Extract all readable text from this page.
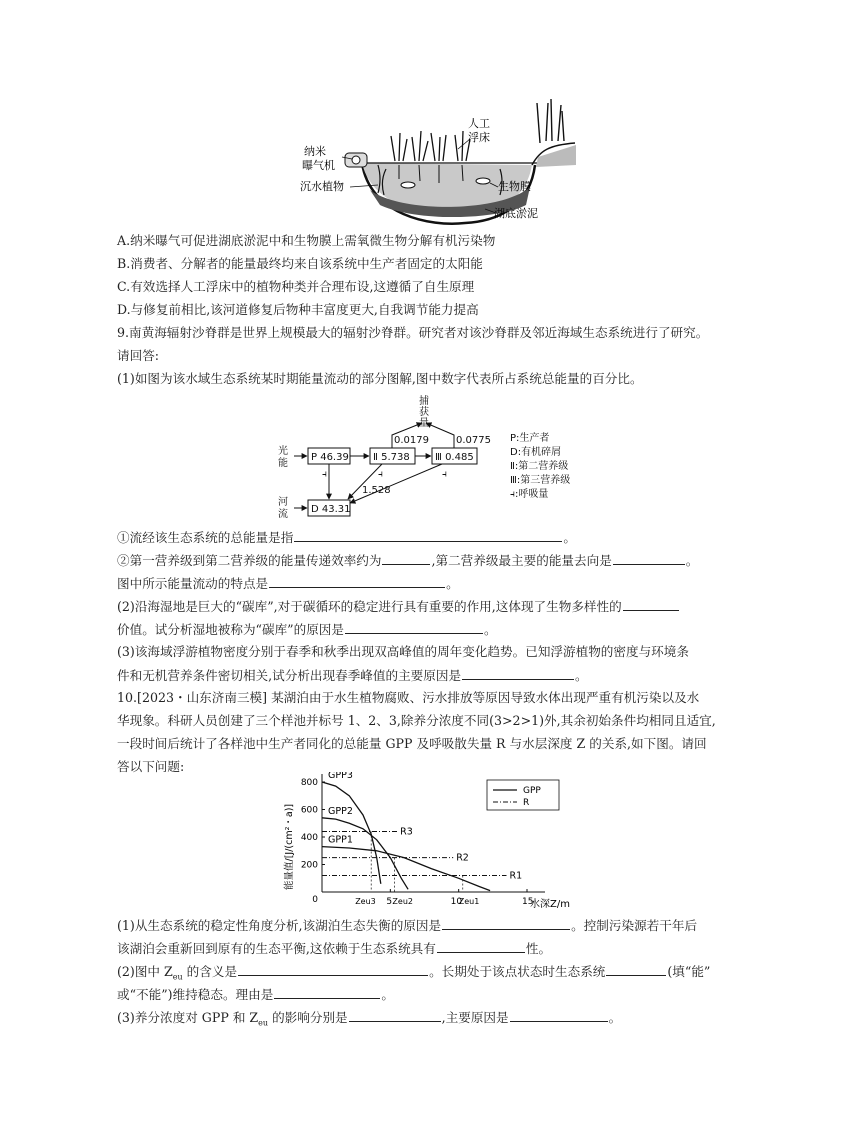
纳米
曝气机
沉水植物
人工
浮床
生物膜
湖底淤泥
A.纳米曝气可促进湖底淤泥中和生物膜上需氧微生物分解有机污染物
B.消费者、分解者的能量最终均来自该系统中生产者固定的太阳能
C.有效选择人工浮床中的植物种类并合理布设,这遵循了自生原理
D.与修复前相比,该河道修复后物种丰富度更大,自我调节能力提高
9.南黄海辐射沙脊群是世界上规模最大的辐射沙脊群。研究者对该沙脊群及邻近海域生态系统进行了研究。
请回答:
(1)如图为该水域生态系统某时期能量流动的部分图解,图中数字代表所占系统总能量的百分比。
捕
获
量
光
能
河
流
P 46.39 Ⅱ 5.738	Ⅲ 0.485
D 43.31
0.0179	0.0775
1.528
⫞	⫞	⫞
P:生产者
D:有机碎屑
Ⅱ:第二营养级
Ⅲ:第三营养级
⫞:呼吸量
①流经该生态系统的总能量是指	。
②第一营养级到第二营养级的能量传递效率约为	,第二营养级最主要的能量去向是	。
图中所示能量流动的特点是	。
(2)沿海湿地是巨大的“碳库”,对于碳循环的稳定进行具有重要的作用,这体现了生物多样性的
价值。试分析湿地被称为“碳库”的原因是	。
(3)该海域浮游植物密度分别于春季和秋季出现双高峰值的周年变化趋势。已知浮游植物的密度与环境条
件和无机营养条件密切相关,试分析出现春季峰值的主要原因是	。
10.[2023・山东济南三模] 某湖泊由于水生植物腐败、污水排放等原因导致水体出现严重有机污染以及水
华现象。科研人员创建了三个样池并标号 1、2、3,除养分浓度不同(3>2>1)外,其余初始条件均相同且适宜,
一段时间后统计了各样池中生产者同化的总能量 GPP 及呼吸散失量 R 与水层深度 Z 的关系,如下图。请回
答以下问题:
能量值/[J/(cm²・a)]
水深Z/m
200
400
600
800
0	5	10	15
Zeu3 Zeu2	Zeu1
GPP3
GPP2
GPP1
R3
R2
R1
GPP
R
(1)从生态系统的稳定性角度分析,该湖泊生态失衡的原因是	。控制污染源若干年后
该湖泊会重新回到原有的生态平衡,这依赖于生态系统具有	性。
(2)图中 $Z_{eu}$ 的含义是	。长期处于该点状态时生态系统	(填“能”
或“不能”)维持稳态。理由是	。
(3)养分浓度对 GPP 和 $Z_{eu}$ 的影响分别是	,主要原因是	。
